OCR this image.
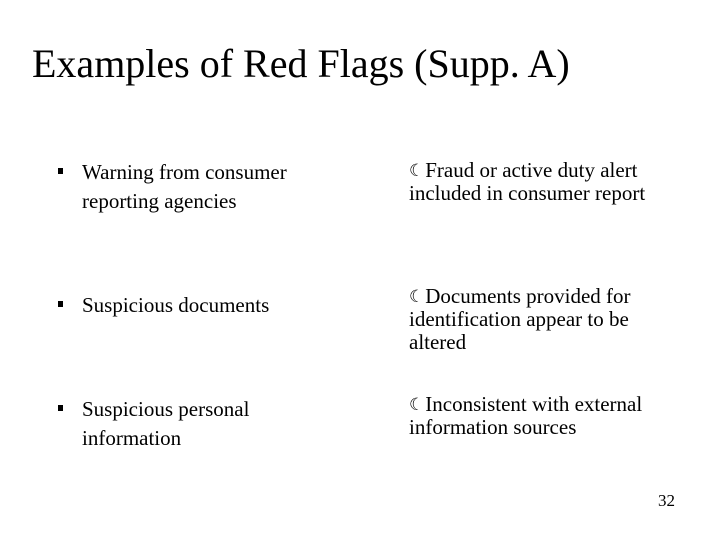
Examples of Red Flags (Supp. A)
Warning from consumer reporting agencies
Suspicious documents
Suspicious personal information
☾Fraud or active duty alert included in consumer report
☾Documents provided for identification appear to be altered
☾Inconsistent with external information sources
32
